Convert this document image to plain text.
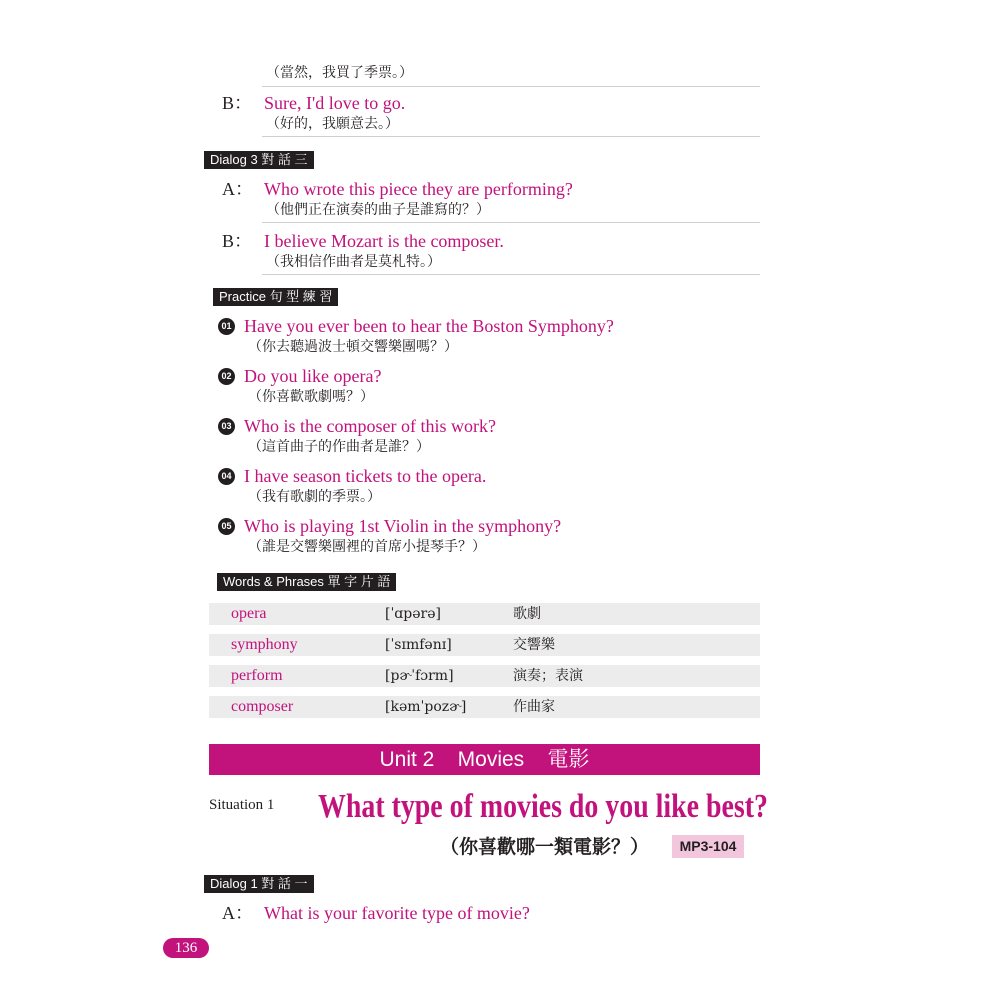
（當然，我買了季票。）
B： Sure, I'd love to go.
（好的，我願意去。）
Dialog 3 對 話 三
A： Who wrote this piece they are performing?
（他們正在演奏的曲子是誰寫的？）
B： I believe Mozart is the composer.
（我相信作曲者是莫札特。）
Practice 句 型 練 習
01 Have you ever been to hear the Boston Symphony?
（你去聽過波士頓交響樂團嗎？）
02 Do you like opera?
（你喜歡歌劇嗎？）
03 Who is the composer of this work?
（這首曲子的作曲者是誰？）
04 I have season tickets to the opera.
（我有歌劇的季票。）
05 Who is playing 1st Violin in the symphony?
（誰是交響樂團裡的首席小提琴手？）
Words & Phrases 單 字 片 語
opera	[ˈɑpərə]	歌劇
symphony	[ˈsɪmfənɪ]	交響樂
perform	[pɚˈfɔrm]	演奏；表演
composer	[kəmˈpozɚ]	作曲家
Unit 2    Movies    電影
Situation 1 What type of movies do you like best?
（你喜歡哪一類電影？）	MP3-104
Dialog 1 對 話 一
A： What is your favorite type of movie?
136
